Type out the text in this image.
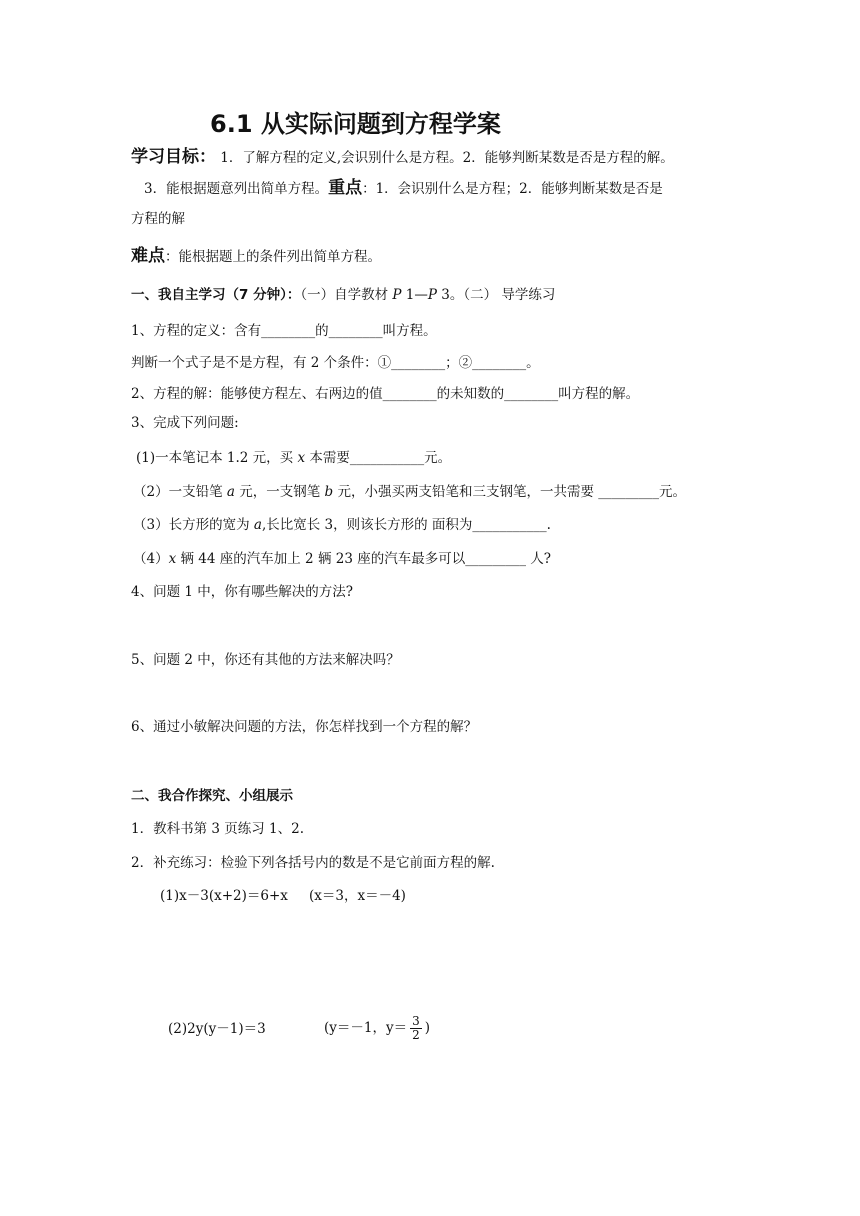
6.1 从实际问题到方程学案
学习目标： 1．了解方程的定义,会识别什么是方程。2．能够判断某数是否是方程的解。
3．能根据题意列出简单方程。重点：1．会识别什么是方程；2．能够判断某数是否是
方程的解
难点：能根据题上的条件列出简单方程。
一、我自主学习（7 分钟）：（一）自学教材 P 1—P 3。（二） 导学练习
1、方程的定义：含有________的________叫方程。
判断一个式子是不是方程，有 2 个条件：①________；②________。
2、方程的解：能够使方程左、右两边的值________的未知数的________叫方程的解。
3、完成下列问题:
(1)一本笔记本 1.2 元，买 x 本需要___________元。
（2）一支铅笔 a 元，一支钢笔 b 元，小强买两支铅笔和三支钢笔，一共需要 _________元。
（3）长方形的宽为 a,长比宽长 3，则该长方形的 面积为___________.
（4）x 辆 44 座的汽车加上 2 辆 23 座的汽车最多可以_________ 人?
4、问题 1 中，你有哪些解决的方法?
5、问题 2 中，你还有其他的方法来解决吗？
6、通过小敏解决问题的方法，你怎样找到一个方程的解？
二、我合作探究、小组展示
1．教科书第 3 页练习 1、2.
2．补充练习：检验下列各括号内的数是不是它前面方程的解.
(1)x－3(x+2)＝6+x (x＝3，x＝－4)
(2)2y(y－1)＝3	(y＝－1，$y= \frac{3}{2}$ )
